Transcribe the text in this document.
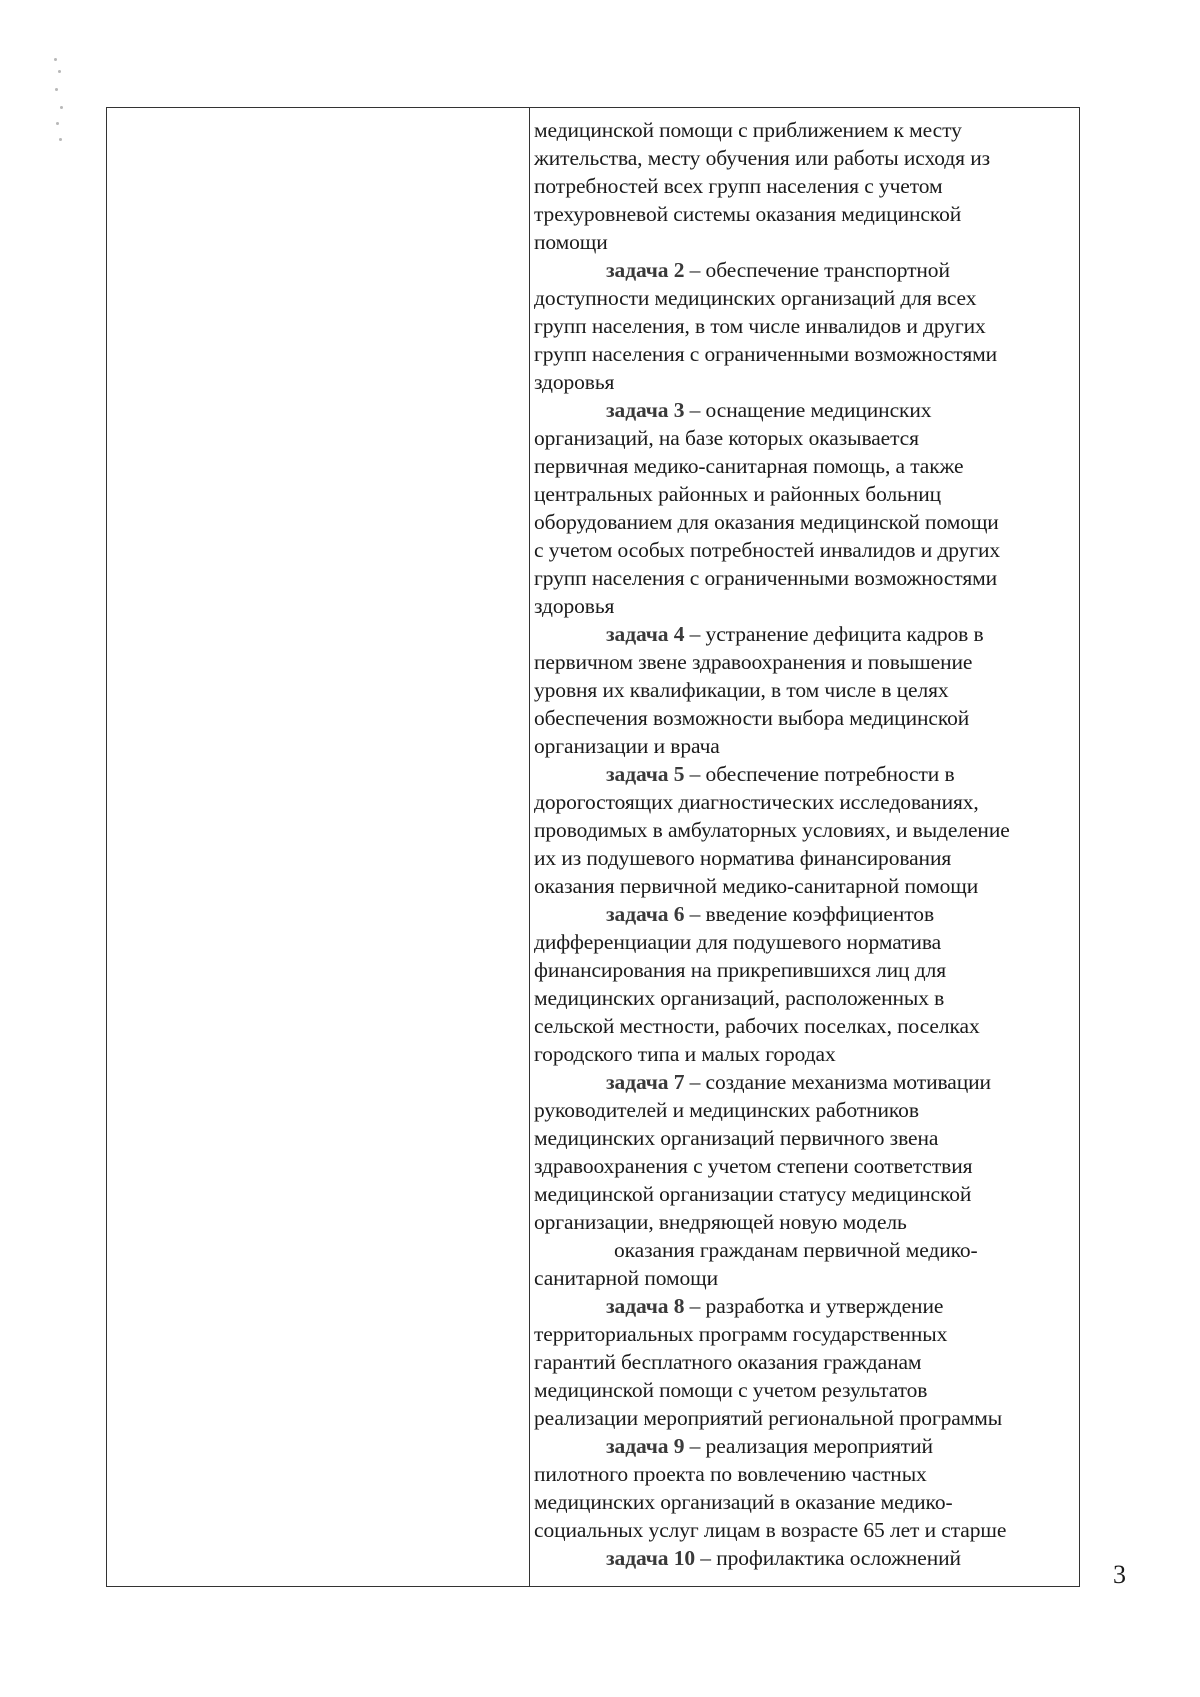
медицинской помощи с приближением к месту
жительства, месту обучения или работы исходя из
потребностей всех групп населения с учетом
трехуровневой системы оказания медицинской
помощи
задача 2 – обеспечение транспортной
доступности медицинских организаций для всех
групп населения, в том числе инвалидов и других
групп населения с ограниченными возможностями
здоровья
задача 3 – оснащение медицинских
организаций, на базе которых оказывается
первичная медико-санитарная помощь, а также
центральных районных и районных больниц
оборудованием для оказания медицинской помощи
с учетом особых потребностей инвалидов и других
групп населения с ограниченными возможностями
здоровья
задача 4 – устранение дефицита кадров в
первичном звене здравоохранения и повышение
уровня их квалификации, в том числе в целях
обеспечения возможности выбора медицинской
организации и врача
задача 5 – обеспечение потребности в
дорогостоящих диагностических исследованиях,
проводимых в амбулаторных условиях, и выделение
их из подушевого норматива финансирования
оказания первичной медико-санитарной помощи
задача 6 – введение коэффициентов
дифференциации для подушевого норматива
финансирования на прикрепившихся лиц для
медицинских организаций, расположенных в
сельской местности, рабочих поселках, поселках
городского типа и малых городах
задача 7 – создание механизма мотивации
руководителей и медицинских работников
медицинских организаций первичного звена
здравоохранения с учетом степени соответствия
медицинской организации статусу медицинской
организации, внедряющей новую модель
оказания гражданам первичной медико-
санитарной помощи
задача 8 – разработка и утверждение
территориальных программ государственных
гарантий бесплатного оказания гражданам
медицинской помощи с учетом результатов
реализации мероприятий региональной программы
задача 9 – реализация мероприятий
пилотного проекта по вовлечению частных
медицинских организаций в оказание медико-
социальных услуг лицам в возрасте 65 лет и старше
задача 10 – профилактика осложнений
3
